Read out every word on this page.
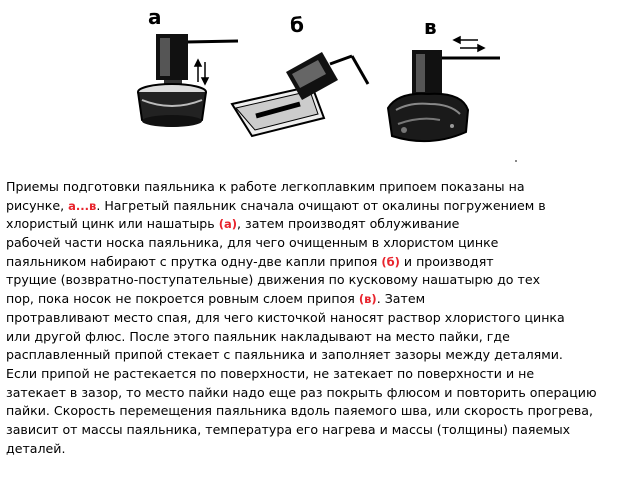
а	б	в
Приемы подготовки паяльника к работе легкоплавким припоем показаны на
рисунке, а...в. Нагретый паяльник сначала очищают от окалины погружением в
хлористый цинк или нашатырь (а), затем производят облуживание
рабочей части носка паяльника, для чего очищенным в хлористом цинке
паяльником набирают с прутка одну-две капли припоя (б) и производят
трущие (возвратно-поступательные) движения по кусковому нашатырю до тех
пор, пока носок не покроется ровным слоем припоя (в). Затем
протравливают место спая, для чего кисточкой наносят раствор хлористого цинка
или другой флюс. После этого паяльник накладывают на место пайки, где
расплавленный припой стекает с паяльника и заполняет зазоры между деталями.
Если припой не растекается по поверхности, не затекает по поверхности и не
затекает в зазор, то место пайки надо еще раз покрыть флюсом и повторить операцию
пайки. Скорость перемещения паяльника вдоль паяемого шва, или скорость прогрева,
зависит от массы паяльника, температура его нагрева и массы (толщины) паяемых
деталей.
